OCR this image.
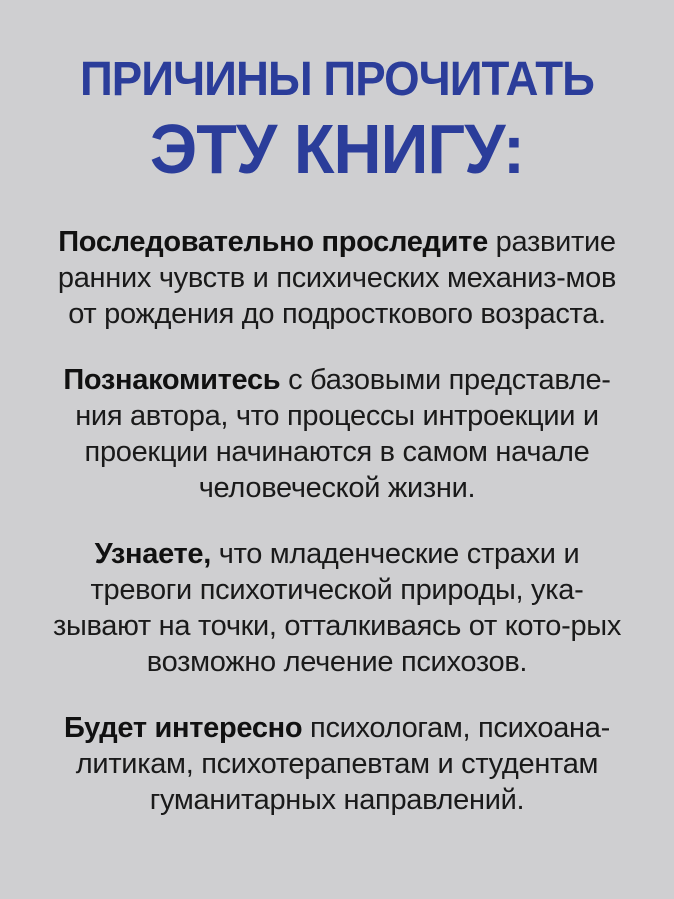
ПРИЧИНЫ ПРОЧИТАТЬ
ЭТУ КНИГУ:

Последовательно проследите развитие ранних чувств и психических механиз-мов от рождения до подросткового возраста.

Познакомитесь с базовыми представле-ния автора, что процессы интроекции и проекции начинаются в самом начале человеческой жизни.

Узнаете, что младенческие страхи и тревоги психотической природы, ука-зывают на точки, отталкиваясь от кото-рых возможно лечение психозов.

Будет интересно психологам, психоана-литикам, психотерапевтам и студентам гуманитарных направлений.
